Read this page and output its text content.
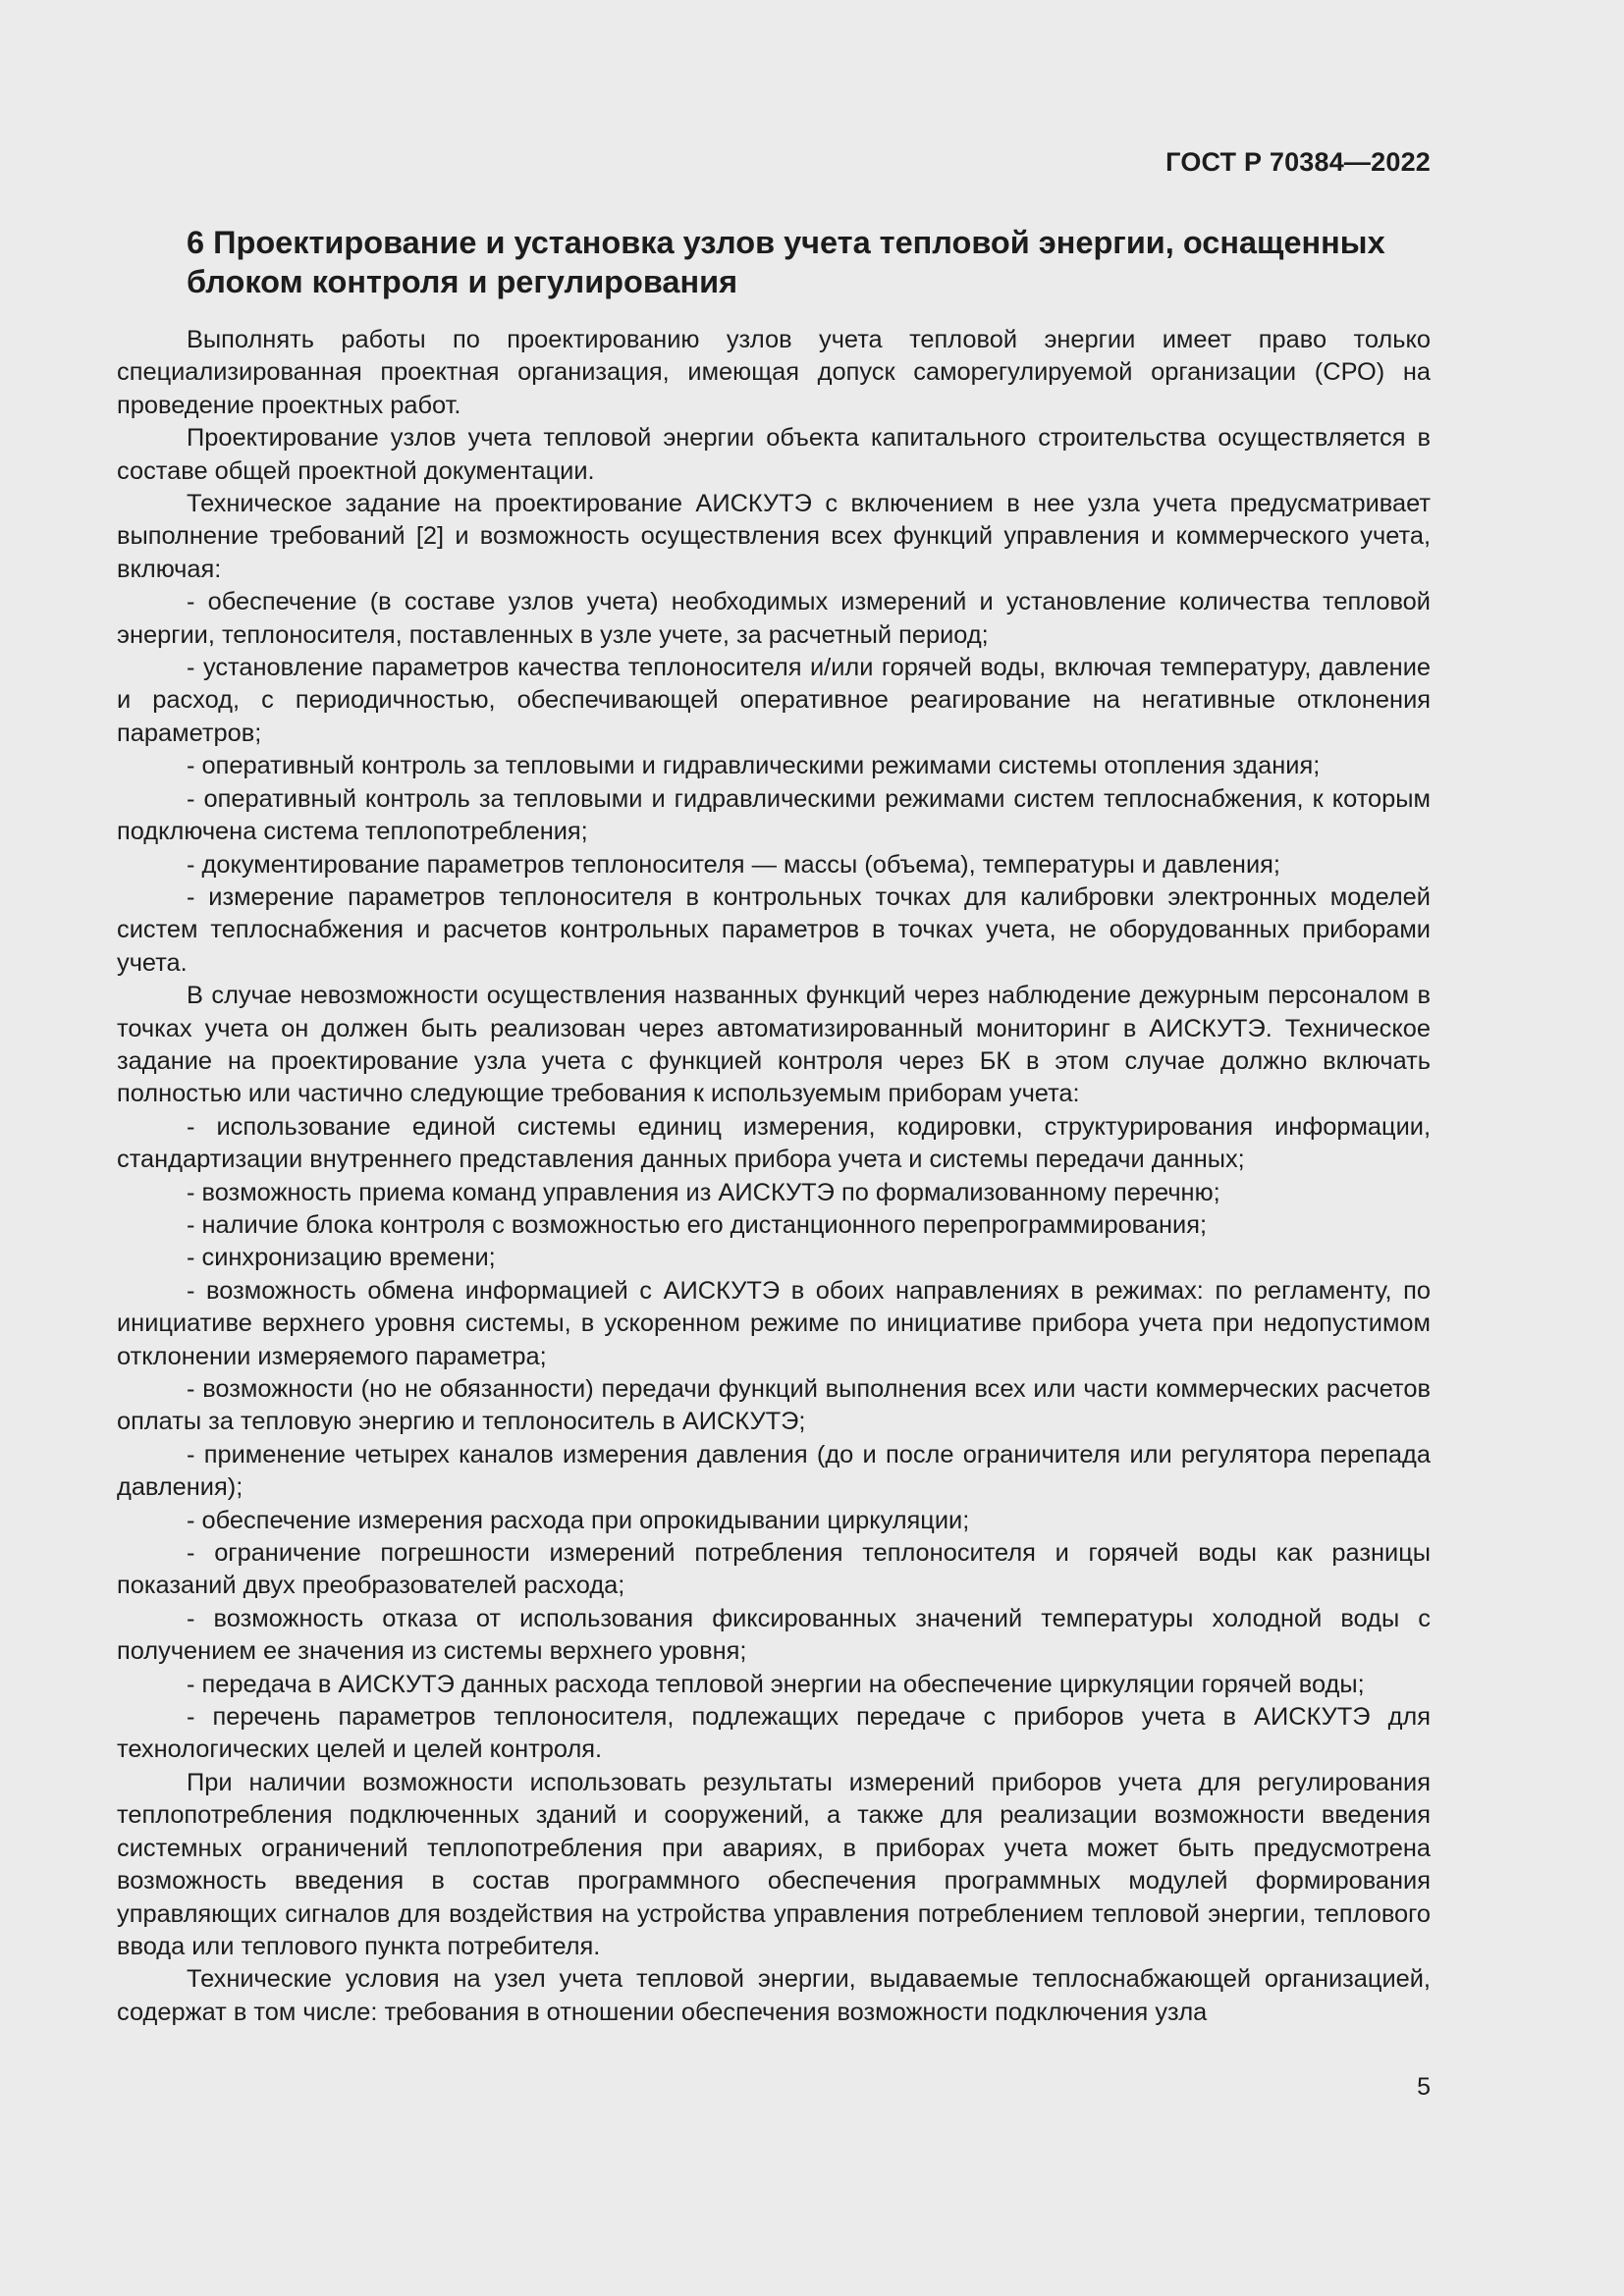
ГОСТ Р 70384—2022
6 Проектирование и установка узлов учета тепловой энергии, оснащенных блоком контроля и регулирования

Выполнять работы по проектированию узлов учета тепловой энергии имеет право только специализированная проектная организация, имеющая допуск саморегулируемой организации (СРО) на проведение проектных работ.

Проектирование узлов учета тепловой энергии объекта капитального строительства осуществляется в составе общей проектной документации.

Техническое задание на проектирование АИСКУТЭ с включением в нее узла учета предусматривает выполнение требований [2] и возможность осуществления всех функций управления и коммерческого учета, включая:

- обеспечение (в составе узлов учета) необходимых измерений и установление количества тепловой энергии, теплоносителя, поставленных в узле учете, за расчетный период;

- установление параметров качества теплоносителя и/или горячей воды, включая температуру, давление и расход, с периодичностью, обеспечивающей оперативное реагирование на негативные отклонения параметров;

- оперативный контроль за тепловыми и гидравлическими режимами системы отопления здания;

- оперативный контроль за тепловыми и гидравлическими режимами систем теплоснабжения, к которым подключена система теплопотребления;

- документирование параметров теплоносителя — массы (объема), температуры и давления;

- измерение параметров теплоносителя в контрольных точках для калибровки электронных моделей систем теплоснабжения и расчетов контрольных параметров в точках учета, не оборудованных приборами учета.

В случае невозможности осуществления названных функций через наблюдение дежурным персоналом в точках учета он должен быть реализован через автоматизированный мониторинг в АИСКУТЭ. Техническое задание на проектирование узла учета с функцией контроля через БК в этом случае должно включать полностью или частично следующие требования к используемым приборам учета:

- использование единой системы единиц измерения, кодировки, структурирования информации, стандартизации внутреннего представления данных прибора учета и системы передачи данных;

- возможность приема команд управления из АИСКУТЭ по формализованному перечню;

- наличие блока контроля с возможностью его дистанционного перепрограммирования;

- синхронизацию времени;

- возможность обмена информацией с АИСКУТЭ в обоих направлениях в режимах: по регламенту, по инициативе верхнего уровня системы, в ускоренном режиме по инициативе прибора учета при недопустимом отклонении измеряемого параметра;

- возможности (но не обязанности) передачи функций выполнения всех или части коммерческих расчетов оплаты за тепловую энергию и теплоноситель в АИСКУТЭ;

- применение четырех каналов измерения давления (до и после ограничителя или регулятора перепада давления);

- обеспечение измерения расхода при опрокидывании циркуляции;

- ограничение погрешности измерений потребления теплоносителя и горячей воды как разницы показаний двух преобразователей расхода;

- возможность отказа от использования фиксированных значений температуры холодной воды с получением ее значения из системы верхнего уровня;

- передача в АИСКУТЭ данных расхода тепловой энергии на обеспечение циркуляции горячей воды;

- перечень параметров теплоносителя, подлежащих передаче с приборов учета в АИСКУТЭ для технологических целей и целей контроля.

При наличии возможности использовать результаты измерений приборов учета для регулирования теплопотребления подключенных зданий и сооружений, а также для реализации возможности введения системных ограничений теплопотребления при авариях, в приборах учета может быть предусмотрена возможность введения в состав программного обеспечения программных модулей формирования управляющих сигналов для воздействия на устройства управления потреблением тепловой энергии, теплового ввода или теплового пункта потребителя.

Технические условия на узел учета тепловой энергии, выдаваемые теплоснабжающей организацией, содержат в том числе: требования в отношении обеспечения возможности подключения узла

5
